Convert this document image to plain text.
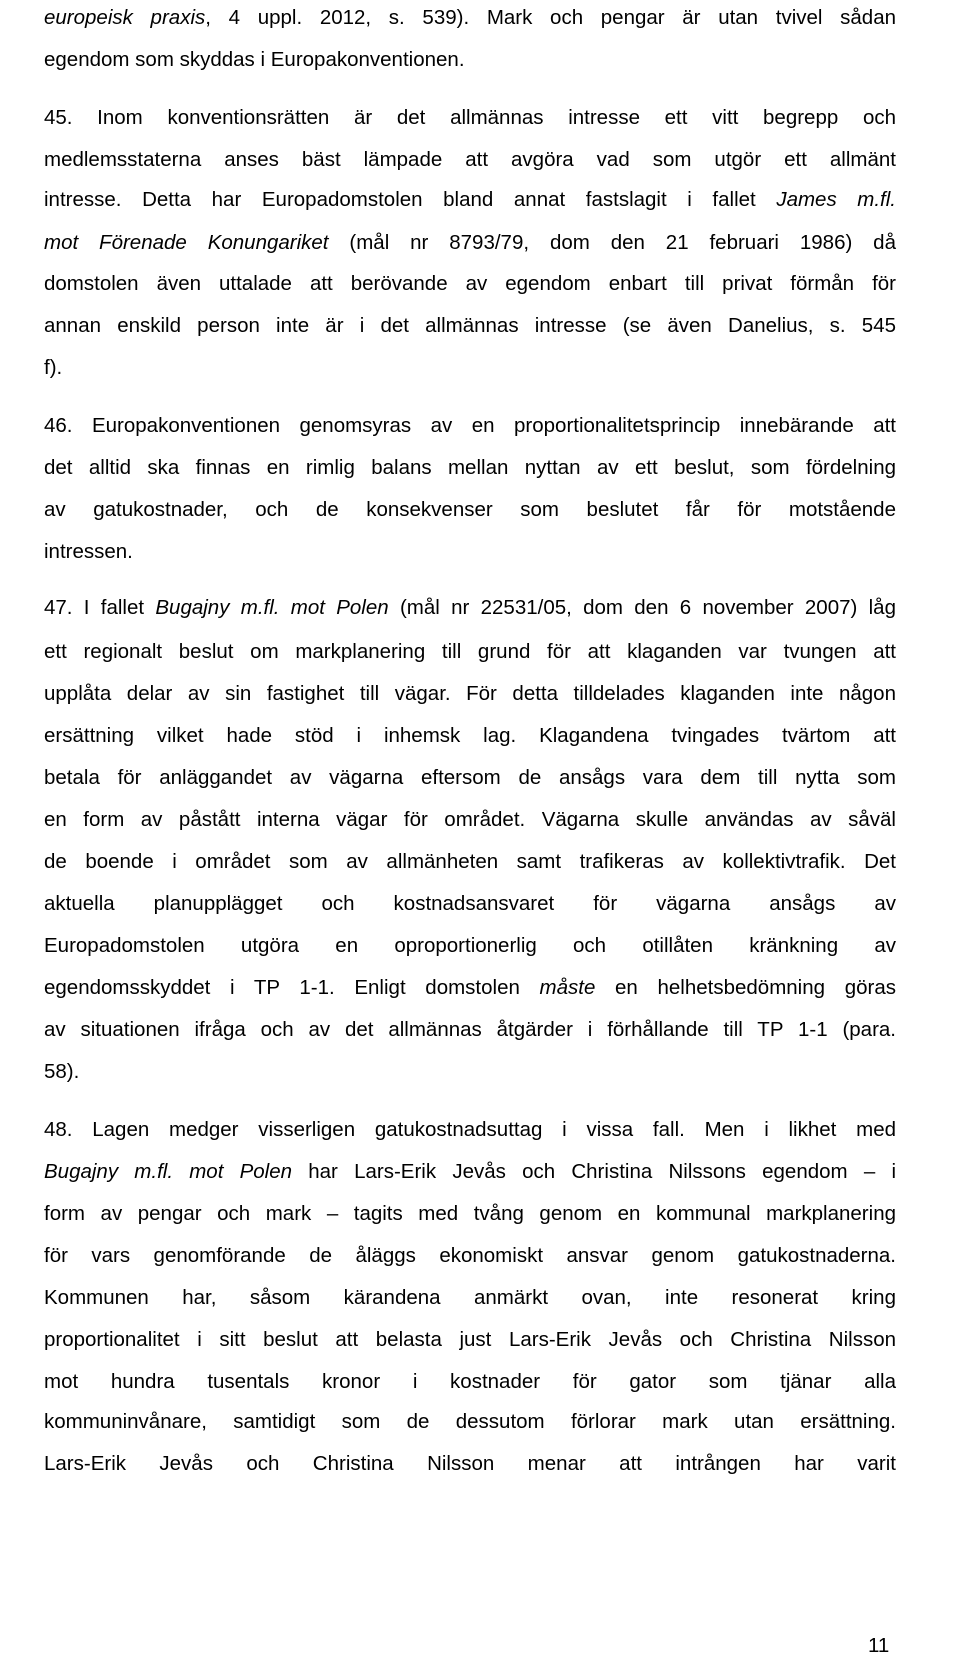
europeisk praxis, 4 uppl. 2012, s. 539). Mark och pengar är utan tvivel sådan

egendom som skyddas i Europakonventionen.

45. Inom konventionsrätten är det allmännas intresse ett vitt begrepp och

medlemsstaterna anses bäst lämpade att avgöra vad som utgör ett allmänt

intresse. Detta har Europadomstolen bland annat fastslagit i fallet James m.fl.

mot Förenade Konungariket (mål nr 8793/79, dom den 21 februari 1986) då

domstolen även uttalade att berövande av egendom enbart till privat förmån för

annan enskild person inte är i det allmännas intresse (se även Danelius, s. 545

f).

46. Europakonventionen genomsyras av en proportionalitetsprincip innebärande att

det alltid ska finnas en rimlig balans mellan nyttan av ett beslut, som fördelning

av gatukostnader, och de konsekvenser som beslutet får för motstående

intressen.

47. I fallet Bugajny m.fl. mot Polen (mål nr 22531/05, dom den 6 november 2007) låg

ett regionalt beslut om markplanering till grund för att klaganden var tvungen att

upplåta delar av sin fastighet till vägar. För detta tilldelades klaganden inte någon

ersättning vilket hade stöd i inhemsk lag. Klagandena tvingades tvärtom att

betala för anläggandet av vägarna eftersom de ansågs vara dem till nytta som

en form av påstått interna vägar för området. Vägarna skulle användas av såväl

de boende i området som av allmänheten samt trafikeras av kollektivtrafik. Det

aktuella planupplägget och kostnadsansvaret för vägarna ansågs av

Europadomstolen utgöra en oproportionerlig och otillåten kränkning av

egendomsskyddet i TP 1-1. Enligt domstolen måste en helhetsbedömning göras

av situationen ifråga och av det allmännas åtgärder i förhållande till TP 1-1 (para.

58).

48. Lagen medger visserligen gatukostnadsuttag i vissa fall. Men i likhet med

Bugajny m.fl. mot Polen har Lars-Erik Jevås och Christina Nilssons egendom – i

form av pengar och mark – tagits med tvång genom en kommunal markplanering

för vars genomförande de åläggs ekonomiskt ansvar genom gatukostnaderna.

Kommunen har, såsom kärandena anmärkt ovan, inte resonerat kring

proportionalitet i sitt beslut att belasta just Lars-Erik Jevås och Christina Nilsson

mot hundra tusentals kronor i kostnader för gator som tjänar alla

kommuninvånare, samtidigt som de dessutom förlorar mark utan ersättning.

Lars-Erik Jevås och Christina Nilsson menar att intrången har varit

11
